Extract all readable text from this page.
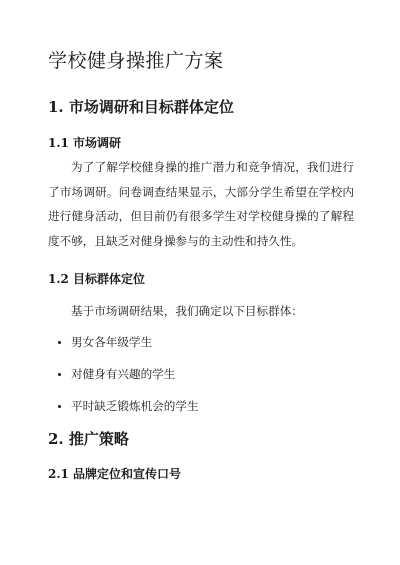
学校健身操推广方案
1. 市场调研和目标群体定位
1.1 市场调研

为了了解学校健身操的推广潜力和竞争情况，我们进行了市场调研。问卷调查结果显示，大部分学生希望在学校内进行健身活动，但目前仍有很多学生对学校健身操的了解程度不够，且缺乏对健身操参与的主动性和持久性。

1.2 目标群体定位

基于市场调研结果，我们确定以下目标群体：

男女各年级学生
对健身有兴趣的学生
平时缺乏锻炼机会的学生
2. 推广策略
2.1 品牌定位和宣传口号
